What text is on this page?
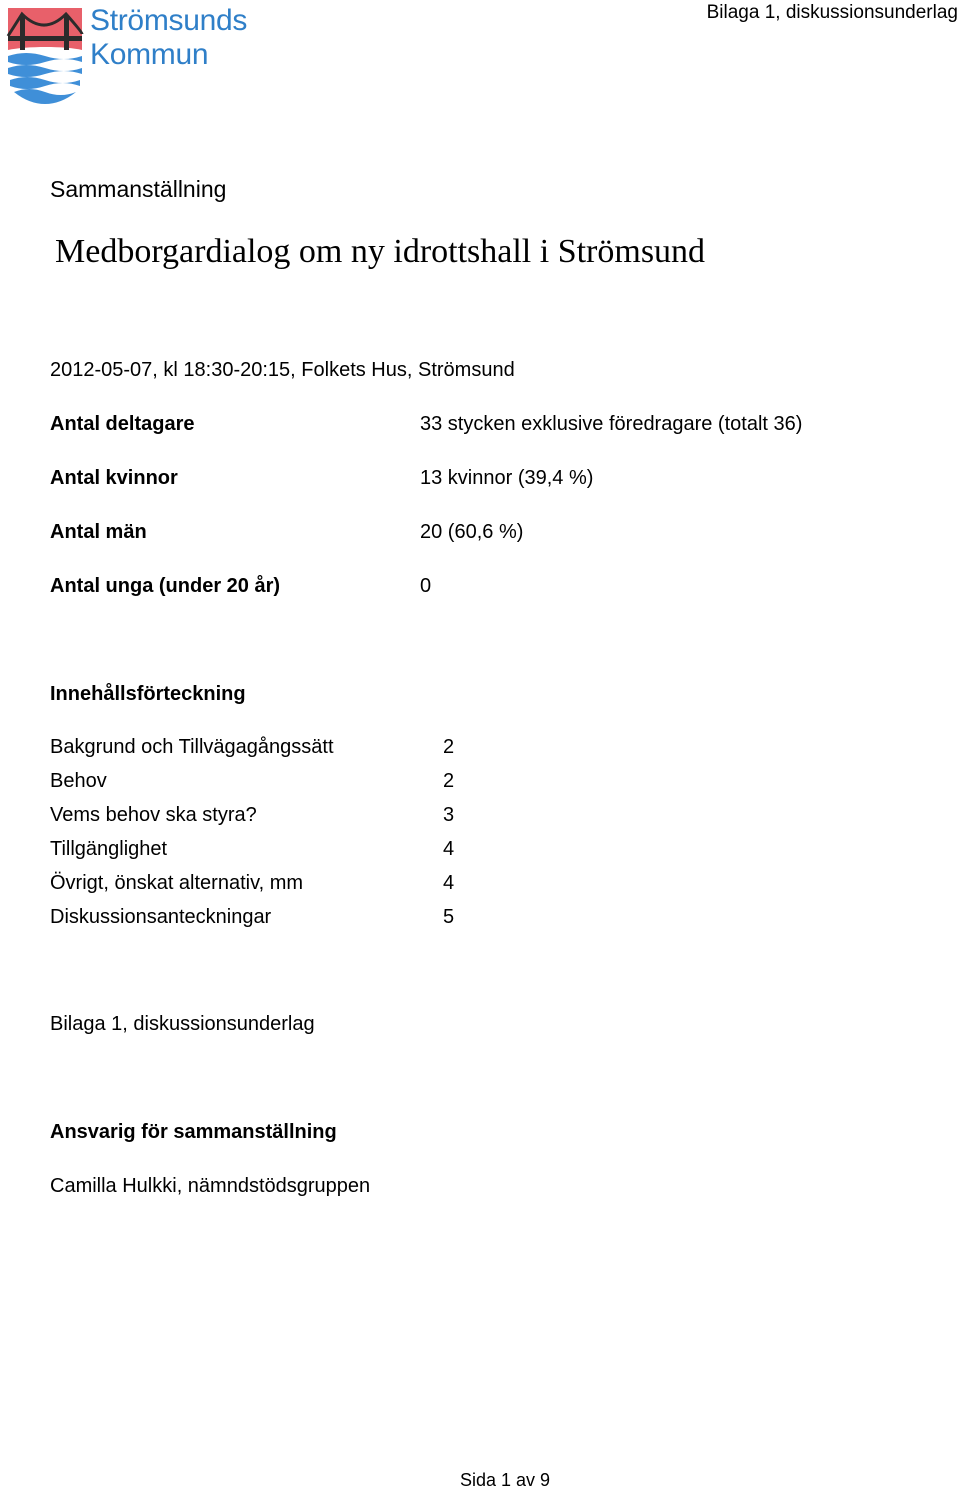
Bilaga 1, diskussionsunderlag
Strömsunds
Kommun
Sammanställning
Medborgardialog om ny idrottshall i Strömsund
2012-05-07, kl 18:30-20:15, Folkets Hus, Strömsund
Antal deltagare	33 stycken exklusive föredragare (totalt 36)
Antal kvinnor	13 kvinnor (39,4 %)
Antal män	20 (60,6 %)
Antal unga (under 20 år)	0
Innehållsförteckning
Bakgrund och Tillvägagångssätt	2
Behov	2
Vems behov ska styra?	3
Tillgänglighet	4
Övrigt, önskat alternativ, mm	4
Diskussionsanteckningar	5
Bilaga 1, diskussionsunderlag
Ansvarig för sammanställning
Camilla Hulkki, nämndstödsgruppen
Sida 1 av 9
